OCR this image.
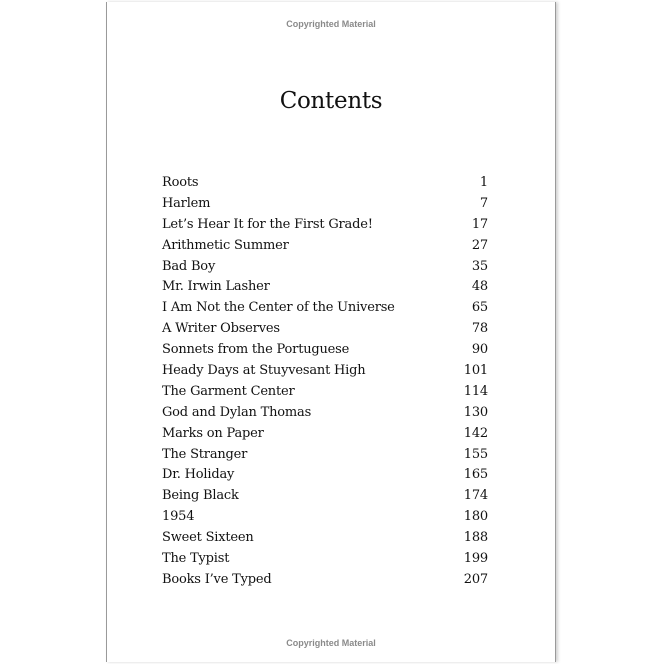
Copyrighted Material
Contents
Roots	1
Harlem	7
Let’s Hear It for the First Grade!	17
Arithmetic Summer	27
Bad Boy	35
Mr. Irwin Lasher	48
I Am Not the Center of the Universe	65
A Writer Observes	78
Sonnets from the Portuguese	90
Heady Days at Stuyvesant High	101
The Garment Center	114
God and Dylan Thomas	130
Marks on Paper	142
The Stranger	155
Dr. Holiday	165
Being Black	174
1954	180
Sweet Sixteen	188
The Typist	199
Books I’ve Typed	207
Copyrighted Material
